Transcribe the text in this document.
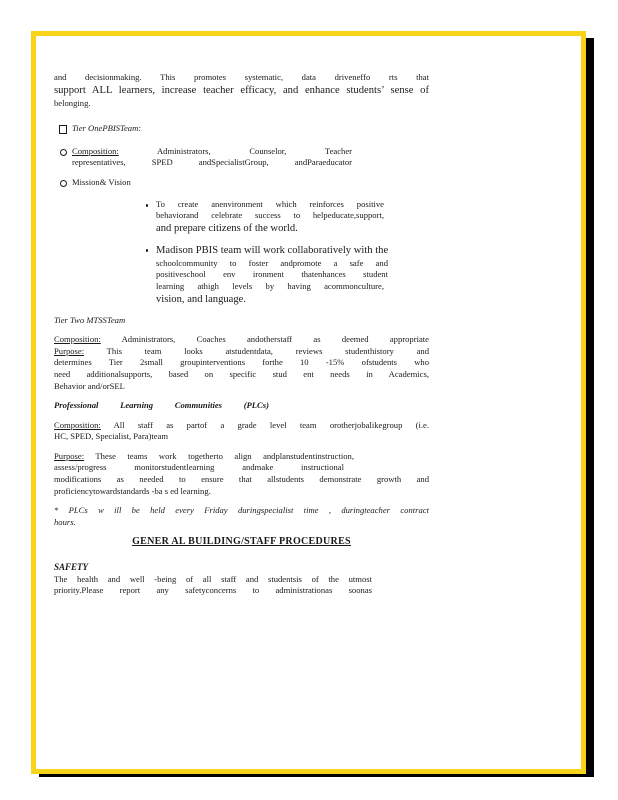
and decisionmaking. This promotes systematic, data driveneffo rts that

support ALL learners, increase teacher efficacy, and enhance students’ sense of

belonging.

Tier OnePBISTeam:

Composition: Administrators, Counselor, Teacher

representatives, SPED andSpecialistGroup, andParaeducator

Mission& Vision

To create anenvironment which reinforces positive

behaviorand celebrate success to helpeducate,support,

and prepare citizens of the world.

Madison PBIS team will work collaboratively with the

schoolcommunity to foster andpromote a safe and

positiveschool env ironment thatenhances student

learning athigh levels by having acommonculture,

vision, and language.

Tier Two MTSSTeam

Composition: Administrators, Coaches andotherstaff as deemed appropriate

Purpose: This team looks atstudentdata, reviews studenthistory and

determines Tier 2small groupinterventions forthe 10 -15% ofstudents who

need additionalsupports, based on specific stud ent needs in Academics,

Behavior and/orSEL

Professional Learning Communities (PLCs)

Composition: All staff as partof a grade level team orotherjobalikegroup (i.e.

HC, SPED, Specialist, Para)team

Purpose: These teams work togetherto align andplanstudentinstruction,

assess/progress monitorstudentlearning andmake instructional

modifications as needed to ensure that allstudents demonstrate growth and

proficiencytowardstandards -ba s ed learning.

* PLCs w ill be held every Friday duringspecialist time , duringteacher contract

hours.

GENER AL BUILDING/STAFF PROCEDURES

SAFETY

The health and well -being of all staff and studentsis of the utmost

priority.Please report any safetyconcerns to administrationas soonas
